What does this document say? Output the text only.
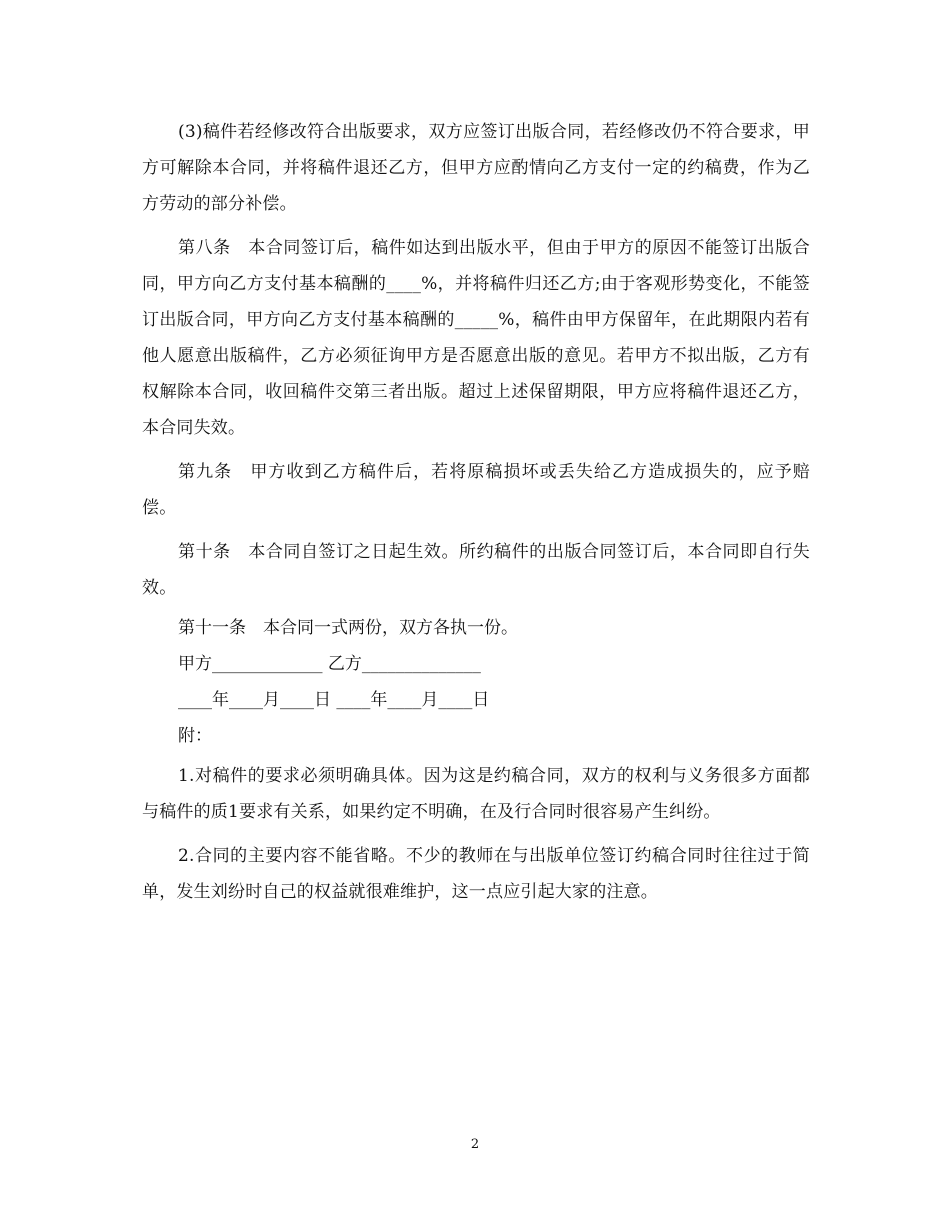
(3)稿件若经修改符合出版要求，双方应签订出版合同，若经修改仍不符合要求，甲方可解除本合同，并将稿件退还乙方，但甲方应酌情向乙方支付一定的约稿费，作为乙方劳动的部分补偿。

第八条　本合同签订后，稿件如达到出版水平，但由于甲方的原因不能签订出版合同，甲方向乙方支付基本稿酬的____%，并将稿件归还乙方;由于客观形势变化，不能签订出版合同，甲方向乙方支付基本稿酬的_____%，稿件由甲方保留年，在此期限内若有他人愿意出版稿件，乙方必须征询甲方是否愿意出版的意见。若甲方不拟出版，乙方有权解除本合同，收回稿件交第三者出版。超过上述保留期限，甲方应将稿件退还乙方，本合同失效。

第九条　甲方收到乙方稿件后，若将原稿损坏或丢失给乙方造成损失的，应予赔偿。

第十条　本合同自签订之日起生效。所约稿件的出版合同签订后，本合同即自行失效。

第十一条　本合同一式两份，双方各执一份。

甲方_____________ 乙方______________

____年____月____日 ____年____月____日

附：

1.对稿件的要求必须明确具体。因为这是约稿合同，双方的权利与义务很多方面都与稿件的质1要求有关系，如果约定不明确，在及行合同时很容易产生纠纷。

2.合同的主要内容不能省略。不少的教师在与出版单位签订约稿合同时往往过于简单，发生刘纷时自己的权益就很难维护，这一点应引起大家的注意。

2
